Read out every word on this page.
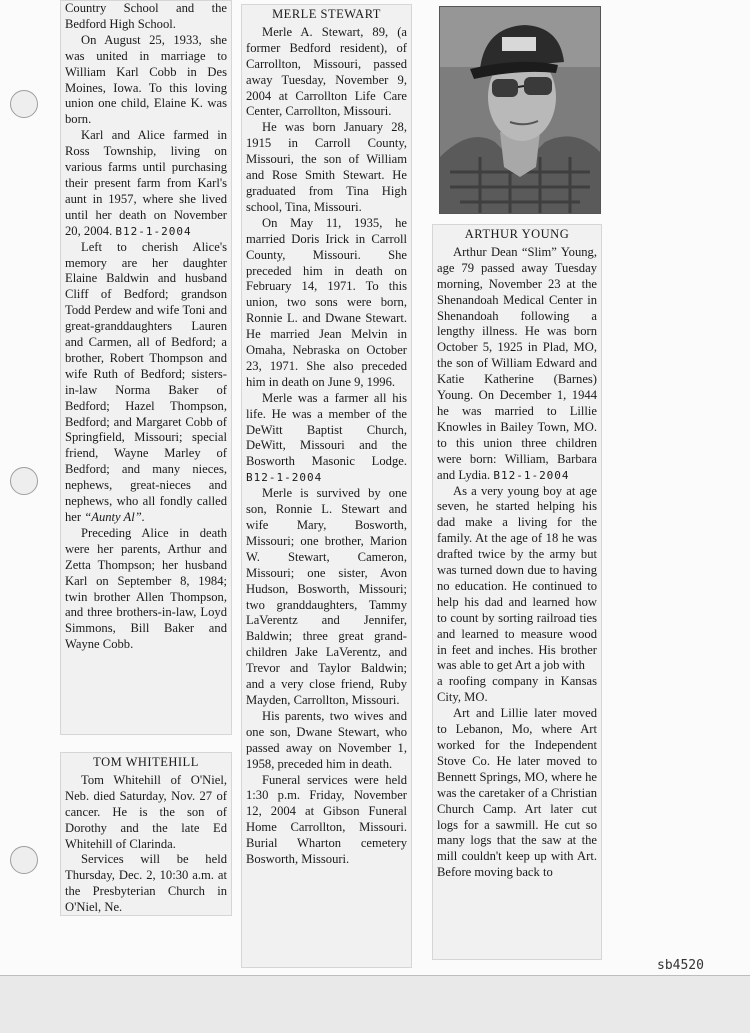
Country School and the Bedford High School.

On August 25, 1933, she was united in marriage to William Karl Cobb in Des Moines, Iowa. To this loving union one child, Elaine K. was born.

Karl and Alice farmed in Ross Township, living on various farms until purchasing their present farm from Karl's aunt in 1957, where she lived until her death on November 20, 2004. B12-1-2004

Left to cherish Alice's memory are her daughter Elaine Baldwin and husband Cliff of Bedford; grandson Todd Perdew and wife Toni and great-granddaughters Lauren and Carmen, all of Bedford; a brother, Robert Thompson and wife Ruth of Bedford; sisters-in-law Norma Baker of Bedford; Hazel Thompson, Bedford; and Margaret Cobb of Springfield, Missouri; special friend, Wayne Marley of Bedford; and many nieces, nephews, great-nieces and nephews, who all fondly called her “Aunty Al”.

Preceding Alice in death were her parents, Arthur and Zetta Thompson; her husband Karl on September 8, 1984; twin brother Allen Thompson, and three brothers-in-law, Loyd Simmons, Bill Baker and Wayne Cobb.

TOM WHITEHILL

Tom Whitehill of O'Niel, Neb. died Saturday, Nov. 27 of cancer. He is the son of Dorothy and the late Ed Whitehill of Clarinda.

Services will be held Thursday, Dec. 2, 10:30 a.m. at the Presbyterian Church in O'Niel, Ne.

MERLE STEWART

Merle A. Stewart, 89, (a former Bedford resident), of Carrollton, Missouri, passed away Tuesday, November 9, 2004 at Carrollton Life Care Center, Carrollton, Missouri.

He was born January 28, 1915 in Carroll County, Missouri, the son of William and Rose Smith Stewart. He graduated from Tina High school, Tina, Missouri.

On May 11, 1935, he married Doris Irick in Carroll County, Missouri. She preceded him in death on February 14, 1971. To this union, two sons were born, Ronnie L. and Dwane Stewart. He married Jean Melvin in Omaha, Nebraska on October 23, 1971. She also preceded him in death on June 9, 1996.

Merle was a farmer all his life. He was a member of the DeWitt Baptist Church, DeWitt, Missouri and the Bosworth Masonic Lodge. B12-1-2004

Merle is survived by one son, Ronnie L. Stewart and wife Mary, Bosworth, Missouri; one brother, Marion W. Stewart, Cameron, Missouri; one sister, Avon Hudson, Bosworth, Missouri; two granddaughters, Tammy LaVerentz and Jennifer, Baldwin; three great grand-children Jake LaVerentz, and Trevor and Taylor Baldwin; and a very close friend, Ruby Mayden, Carrollton, Missouri.

His parents, two wives and one son, Dwane Stewart, who passed away on November 1, 1958, preceded him in death.

Funeral services were held 1:30 p.m. Friday, November 12, 2004 at Gibson Funeral Home Carrollton, Missouri. Burial Wharton cemetery Bosworth, Missouri.

ARTHUR YOUNG

Arthur Dean “Slim” Young, age 79 passed away Tuesday morning, November 23 at the Shenandoah Medical Center in Shenandoah following a lengthy illness. He was born October 5, 1925 in Plad, MO, the son of William Edward and Katie Katherine (Barnes) Young. On December 1, 1944 he was married to Lillie Knowles in Bailey Town, MO. to this union three children were born: William, Barbara and Lydia. B12-1-2004

As a very young boy at age seven, he started helping his dad make a living for the family. At the age of 18 he was drafted twice by the army but was turned down due to having no education. He continued to help his dad and learned how to count by sorting railroad ties and learned to measure wood in feet and inches. His brother was able to get Art a job with

a roofing company in Kansas City, MO.

Art and Lillie later moved to Lebanon, Mo, where Art worked for the Independent Stove Co. He later moved to Bennett Springs, MO, where he was the caretaker of a Christian Church Camp. Art later cut logs for a sawmill. He cut so many logs that the saw at the mill couldn't keep up with Art. Before moving back to

sb4520
